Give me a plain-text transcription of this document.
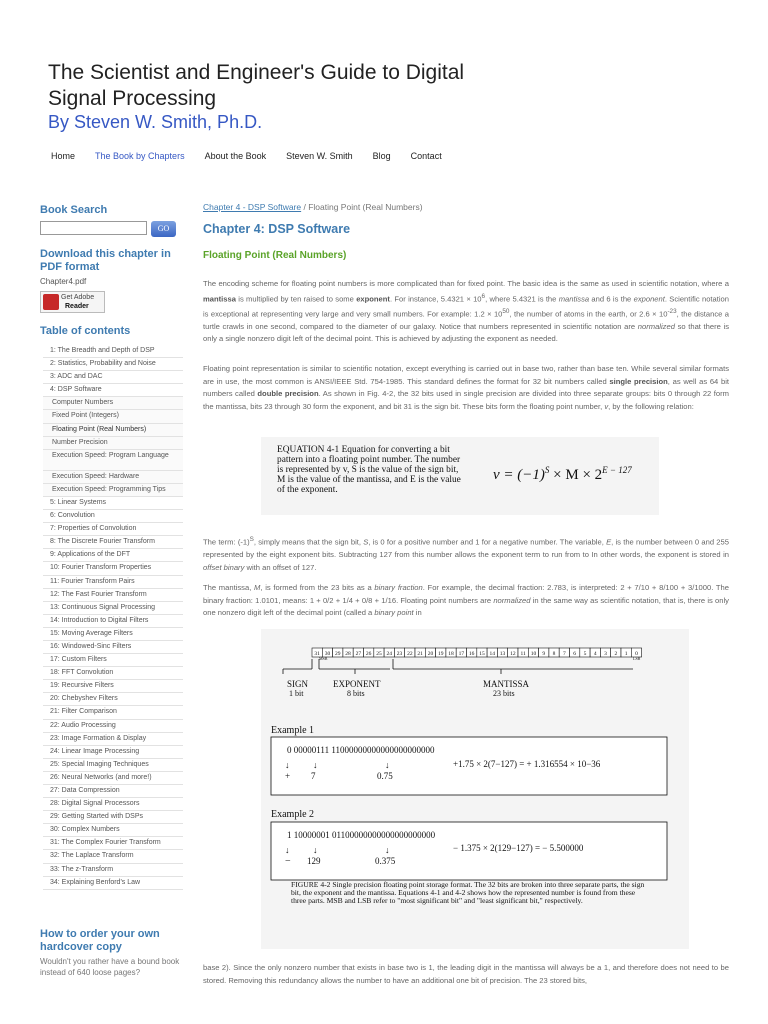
The Scientist and Engineer's Guide to Digital Signal Processing
By Steven W. Smith, Ph.D.
Home The Book by Chapters About the Book Steven W. Smith Blog Contact
Book Search
GO
Download this chapter in PDF format
Chapter4.pdf
Get Adobe
Reader
Table of contents
1: The Breadth and Depth of DSP
2: Statistics, Probability and Noise
3: ADC and DAC
4: DSP Software
Computer Numbers
Fixed Point (Integers)
Floating Point (Real Numbers)
Number Precision
Execution Speed: Program Language
Execution Speed: Hardware
Execution Speed: Programming Tips
5: Linear Systems
6: Convolution
7: Properties of Convolution
8: The Discrete Fourier Transform
9: Applications of the DFT
10: Fourier Transform Properties
11: Fourier Transform Pairs
12: The Fast Fourier Transform
13: Continuous Signal Processing
14: Introduction to Digital Filters
15: Moving Average Filters
16: Windowed-Sinc Filters
17: Custom Filters
18: FFT Convolution
19: Recursive Filters
20: Chebyshev Filters
21: Filter Comparison
22: Audio Processing
23: Image Formation & Display
24: Linear Image Processing
25: Special Imaging Techniques
26: Neural Networks (and more!)
27: Data Compression
28: Digital Signal Processors
29: Getting Started with DSPs
30: Complex Numbers
31: The Complex Fourier Transform
32: The Laplace Transform
33: The z-Transform
34: Explaining Benford's Law
How to order your own hardcover copy
Wouldn't you rather have a bound book instead of 640 loose pages?
Chapter 4 - DSP Software / Floating Point (Real Numbers)
Chapter 4: DSP Software
Floating Point (Real Numbers)
The encoding scheme for floating point numbers is more complicated than for fixed point. The basic idea is the same as used in scientific notation, where a mantissa is multiplied by ten raised to some exponent. For instance, $5.4321 \times 10^6$, where 5.4321 is the mantissa and 6 is the exponent. Scientific notation is exceptional at representing very large and very small numbers. For example: $1.2 \times 10^{50}$, the number of atoms in the earth, or $2.6 \times 10^{-23}$, the distance a turtle crawls in one second, compared to the diameter of our galaxy. Notice that numbers represented in scientific notation are normalized so that there is only a single nonzero digit left of the decimal point. This is achieved by adjusting the exponent as needed.
Floating point representation is similar to scientific notation, except everything is carried out in base two, rather than base ten. While several similar formats are in use, the most common is ANSI/IEEE Std. 754-1985. This standard defines the format for 32 bit numbers called single precision, as well as 64 bit numbers called double precision. As shown in Fig. 4-2, the 32 bits used in single precision are divided into three separate groups: bits 0 through 22 form the mantissa, bits 23 through 30 form the exponent, and bit 31 is the sign bit. These bits form the floating point number, v, by the following relation:
EQUATION 4-1 Equation for converting a bit pattern into a floating point number. The number is represented by v, S is the value of the sign bit, M is the value of the mantissa, and E is the value of the exponent.
$v = (-1)^S \times M \times 2^{E - 127}$
The term: $(-1)^S$, simply means that the sign bit, S, is 0 for a positive number and 1 for a negative number. The variable, E, is the number between 0 and 255 represented by the eight exponent bits. Subtracting 127 from this number allows the exponent term to run from to In other words, the exponent is stored in offset binary with an offset of 127.
The mantissa, M, is formed from the 23 bits as a binary fraction. For example, the decimal fraction: 2.783, is interpreted: 2 + 7/10 + 8/100 + 3/1000. The binary fraction: 1.0101, means: 1 + 0/2 + 1/4 + 0/8 + 1/16. Floating point numbers are normalized in the same way as scientific notation, that is, there is only one nonzero digit left of the decimal point (called a binary point in
31 30 29 28 27 26 25 24 23 22 21 20 19 18 17 16 15 14 13 12 11 10 9 8 7 6 5 4 3 2 1 0
MSB	LSB
SIGN
1 bit
EXPONENT
8 bits
MANTISSA
23 bits
Example 1
0 00000111 11000000000000000000000
↓	↓	↓
+ 7	0.75
+1.75 × 2(7−127) = + 1.316554 × 10−36
Example 2
1 10000001 01100000000000000000000
↓	↓	↓
− 129	0.375
− 1.375 × 2(129−127) = − 5.500000
FIGURE 4-2 Single precision floating point storage format. The 32 bits are broken into three separate parts, the sign bit, the exponent and the mantissa. Equations 4-1 and 4-2 shows how the represented number is found from these three parts. MSB and LSB refer to "most significant bit" and "least significant bit," respectively.
base 2). Since the only nonzero number that exists in base two is 1, the leading digit in the mantissa will always be a 1, and therefore does not need to be stored. Removing this redundancy allows the number to have an additional one bit of precision. The 23 stored bits,
